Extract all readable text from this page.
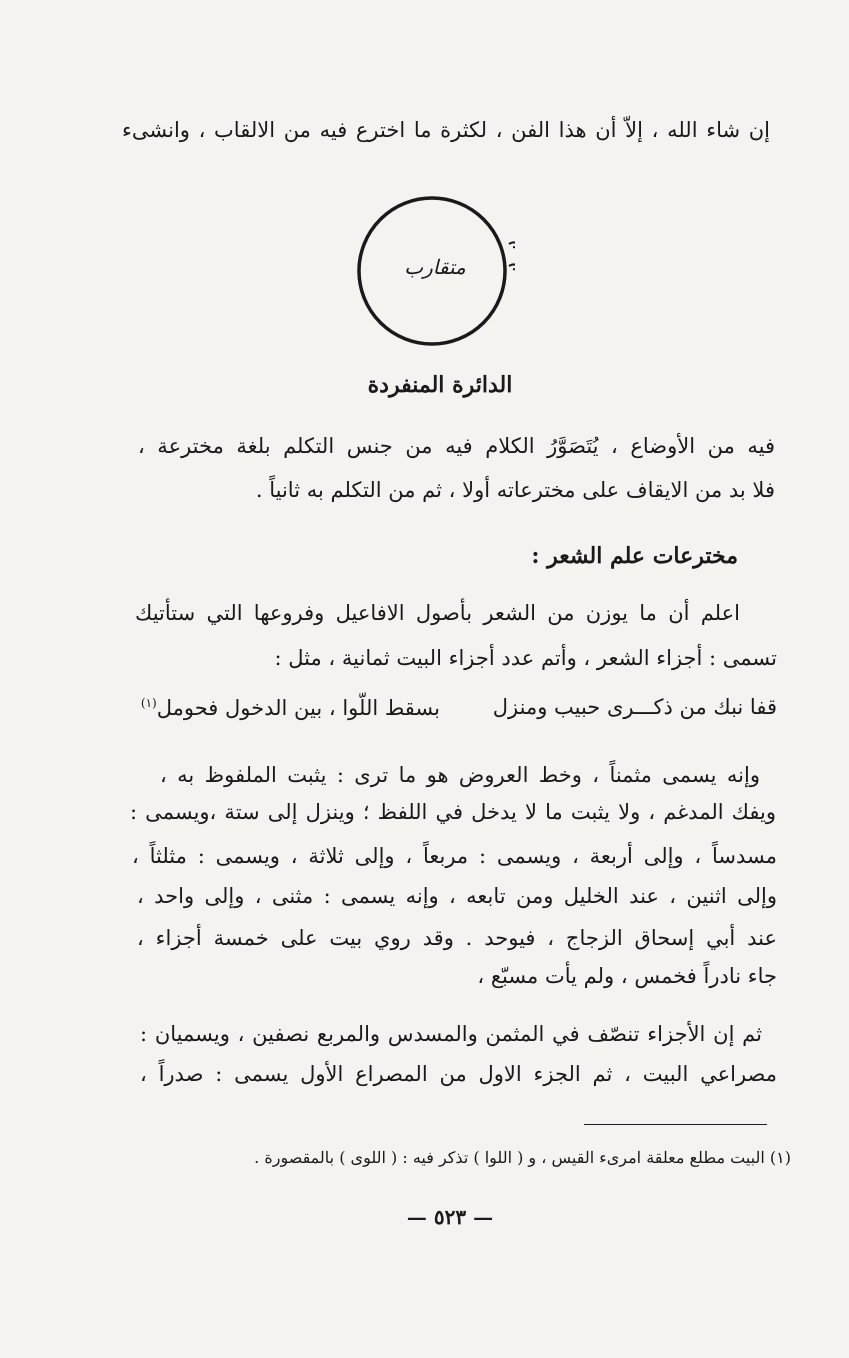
إن شاء الله ، إلاّ أن هذا الفن ، لكثرة ما اخترع فيه من الالقاب ، وانشىء
متقارب
الدائرة المنفردة
فيه من الأوضاع ، يُتَصَوَّرُ الكلام فيه من جنس التكلم بلغة مخترعة ،
فلا بد من الايقاف على مخترعاته أولا ، ثم من التكلم به ثانياً .
مخترعات علم الشعر :
اعلم أن ما يوزن من الشعر بأصول الافاعيل وفروعها التي ستأتيك
تسمى : أجزاء الشعر ، وأتم عدد أجزاء البيت ثمانية ، مثل :
قفا نبك من ذكـــرى حبيب ومنزل
بسقط اللّوا ، بين الدخول فحومل$^{(١)}$
وإنه يسمى مثمناً ، وخط العروض هو ما ترى : يثبت الملفوظ به ،
ويفك المدغم ، ولا يثبت ما لا يدخل في اللفظ ؛ وينزل إلى ستة ،ويسمى :
مسدساً ، وإلى أربعة ، ويسمى : مربعاً ، وإلى ثلاثة ، ويسمى : مثلثاً ،
وإلى اثنين ، عند الخليل ومن تابعه ، وإنه يسمى : مثنى ، وإلى واحد ،
عند أبي إسحاق الزجاج ، فيوحد . وقد روي بيت على خمسة أجزاء ،
جاء نادراً فخمس ، ولم يأت مسبّع ،
ثم إن الأجزاء تنصّف في المثمن والمسدس والمربع نصفين ، ويسميان :
مصراعي البيت ، ثم الجزء الاول من المصراع الأول يسمى : صدراً ،
(١) البيت مطلع معلقة امرىء القيس ، و ( اللوا ) تذكر فيه : ( اللوى ) بالمقصورة .
— ٥٢٣ —
